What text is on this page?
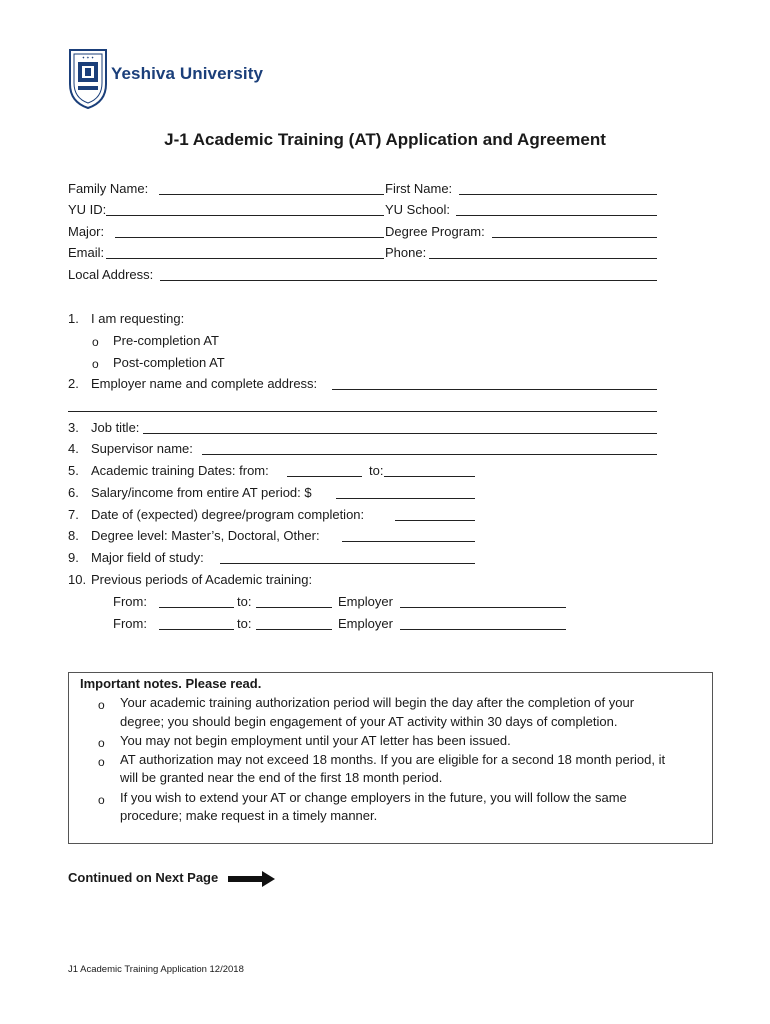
✦ ✦ ✦
Yeshiva University
J-1 Academic Training (AT) Application and Agreement
Family Name:	First Name:
YU ID:	YU School:
Major:	Degree Program:
Email:	Phone:
Local Address:
1. I am requesting:
o Pre-completion AT
o Post-completion AT
2. Employer name and complete address:
3. Job title:
4. Supervisor name:
5. Academic training Dates: from:	to:
6. Salary/income from entire AT period: $
7. Date of (expected) degree/program completion:
8. Degree level: Master’s, Doctoral, Other:
9. Major field of study:
10. Previous periods of Academic training:
From:	to:	Employer
From:	to:	Employer
Important notes. Please read.
o Your academic training authorization period will begin the day after the completion of your
degree; you should begin engagement of your AT activity within 30 days of completion.
o You may not begin employment until your AT letter has been issued.
o AT authorization may not exceed 18 months. If you are eligible for a second 18 month period, it
will be granted near the end of the first 18 month period.
o If you wish to extend your AT or change employers in the future, you will follow the same
procedure; make request in a timely manner.
Continued on Next Page
J1 Academic Training Application 12/2018
